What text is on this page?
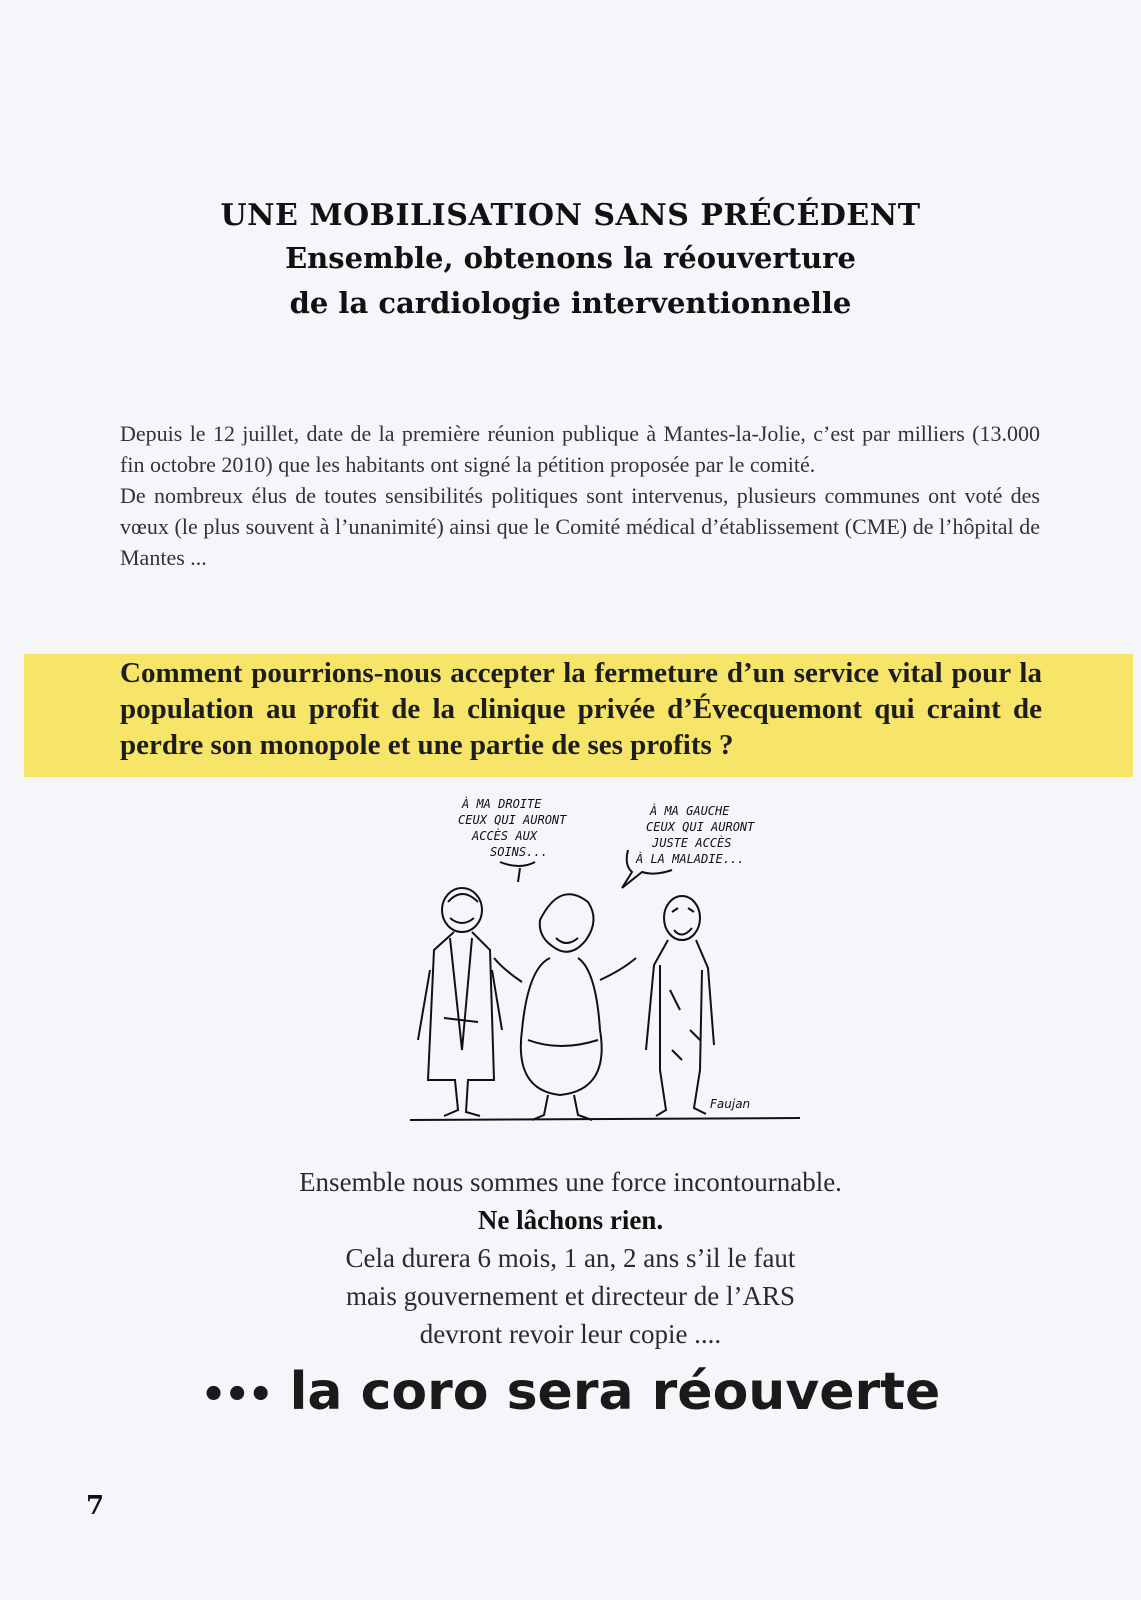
UNE MOBILISATION SANS PRÉCÉDENT
Ensemble, obtenons la réouverture
de la cardiologie interventionnelle

Depuis le 12 juillet, date de la première réunion publique à Mantes-la-Jolie, c’est par milliers (13.000 fin octobre 2010) que les habitants ont signé la pétition proposée par le comité.

De nombreux élus de toutes sensibilités politiques sont intervenus, plusieurs communes ont voté des vœux (le plus souvent à l’unanimité) ainsi que le Comité médical d’établissement (CME) de l’hôpital de Mantes ...

Comment pourrions-nous accepter la fermeture d’un service vital pour la population au profit de la clinique privée d’Évecquemont qui craint de perdre son monopole et une partie de ses profits ?
À MA DROITE
CEUX QUI AURONT
ACCÈS AUX
SOINS...
À MA GAUCHE
CEUX QUI AURONT
JUSTE ACCÈS
À LA MALADIE...
Faujan
Ensemble nous sommes une force incontournable.
Ne lâchons rien.
Cela durera 6 mois, 1 an, 2 ans s’il le faut
mais gouvernement et directeur de l’ARS
devront revoir leur copie ....
••• la coro sera réouverte
7
